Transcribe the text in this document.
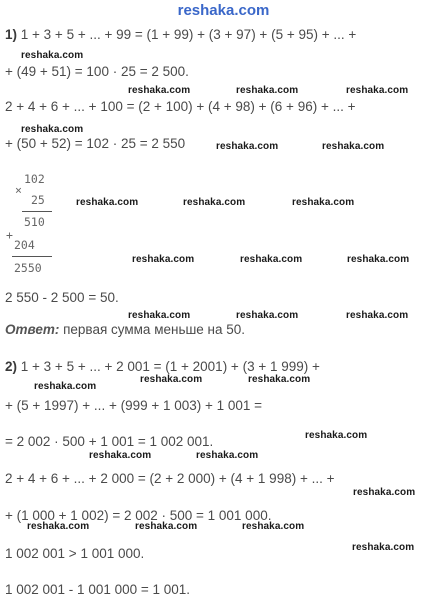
reshaka.com
1) 1 + 3 + 5 + ... + 99 = (1 + 99) + (3 + 97) + (5 + 95) + ... +
+ (49 + 51) = 100 · 25 = 2 500.
2 + 4 + 6 + ... + 100 = (2 + 100) + (4 + 98) + (6 + 96) + ... +
+ (50 + 52) = 102 · 25 = 2 550
×
102
25
510
+
204
2550
2 550 - 2 500 = 50.
Ответ: первая сумма меньше на 50.
2) 1 + 3 + 5 + ... + 2 001 = (1 + 2001) + (3 + 1 999) +
+ (5 + 1997) + ... + (999 + 1 003) + 1 001 =
= 2 002 · 500 + 1 001 = 1 002 001.
2 + 4 + 6 + ... + 2 000 = (2 + 2 000) + (4 + 1 998) + ... +
+ (1 000 + 1 002) = 2 002 · 500 = 1 001 000.
1 002 001 > 1 001 000.
1 002 001 - 1 001 000 = 1 001.
reshaka.com
reshaka.com	reshaka.com	reshaka.com
reshaka.com
reshaka.com	reshaka.com
reshaka.com	reshaka.com	reshaka.com
reshaka.com	reshaka.com	reshaka.com
reshaka.com	reshaka.com	reshaka.com
reshaka.com	reshaka.com
reshaka.com
reshaka.com
reshaka.com	reshaka.com
reshaka.com
reshaka.com	reshaka.com	reshaka.com
reshaka.com
